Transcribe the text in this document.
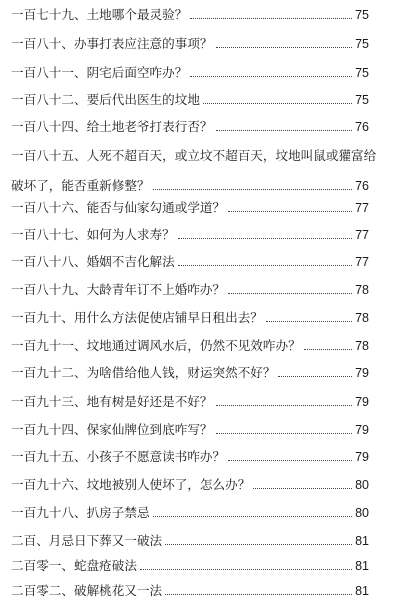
一百七十九、土地哪个最灵验？	75
一百八十、办事打表应注意的事项？	75
一百八十一、阴宅后面空咋办？	75
一百八十二、要后代出医生的坟地	75
一百八十四、给土地老爷打表行否？	76
一百八十五、人死不超百天，或立坟不超百天，坟地叫鼠或獾富给
破坏了，能否重新修整？	76
一百八十六、能否与仙家勾通或学道？	77
一百八十七、如何为人求寿？	77
一百八十八、婚姻不吉化解法	77
一百八十九、大龄青年订不上婚咋办？	78
一百九十、用什么方法促使店铺早日租出去？	78
一百九十一、坟地通过调风水后，仍然不见效咋办？	78
一百九十二、为啥借给他人钱，财运突然不好？	79
一百九十三、地有树是好还是不好？	79
一百九十四、保家仙牌位到底咋写？	79
一百九十五、小孩子不愿意读书咋办？	79
一百九十六、坟地被别人使坏了，怎么办？	80
一百九十八、扒房子禁忌	80
二百、月忌日下葬又一破法	81
二百零一、蛇盘疮破法	81
二百零二、破解桃花又一法	81
